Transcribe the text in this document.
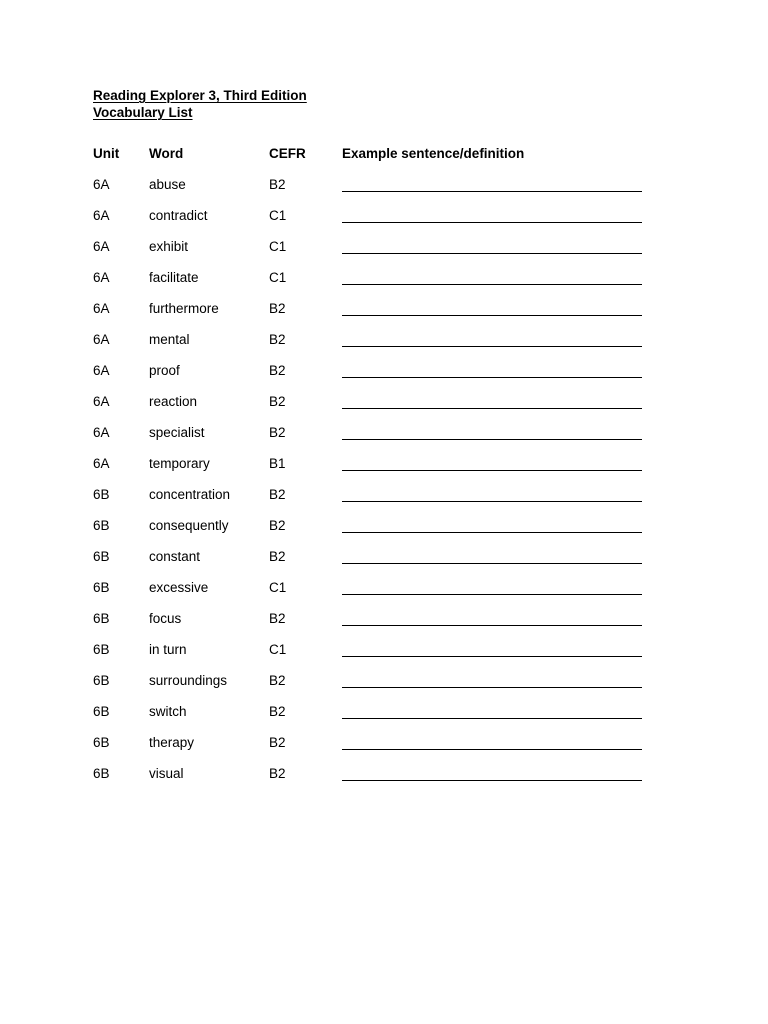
Reading Explorer 3, Third Edition
Vocabulary List
Unit Word	CEFR	Example sentence/definition
6A	abuse	B2
6A	contradict	C1
6A	exhibit	C1
6A	facilitate	C1
6A	furthermore	B2
6A	mental	B2
6A	proof	B2
6A	reaction	B2
6A	specialist	B2
6A	temporary	B1
6B	concentration	B2
6B	consequently	B2
6B	constant	B2
6B	excessive	C1
6B	focus	B2
6B	in turn	C1
6B	surroundings	B2
6B	switch	B2
6B	therapy	B2
6B	visual	B2
